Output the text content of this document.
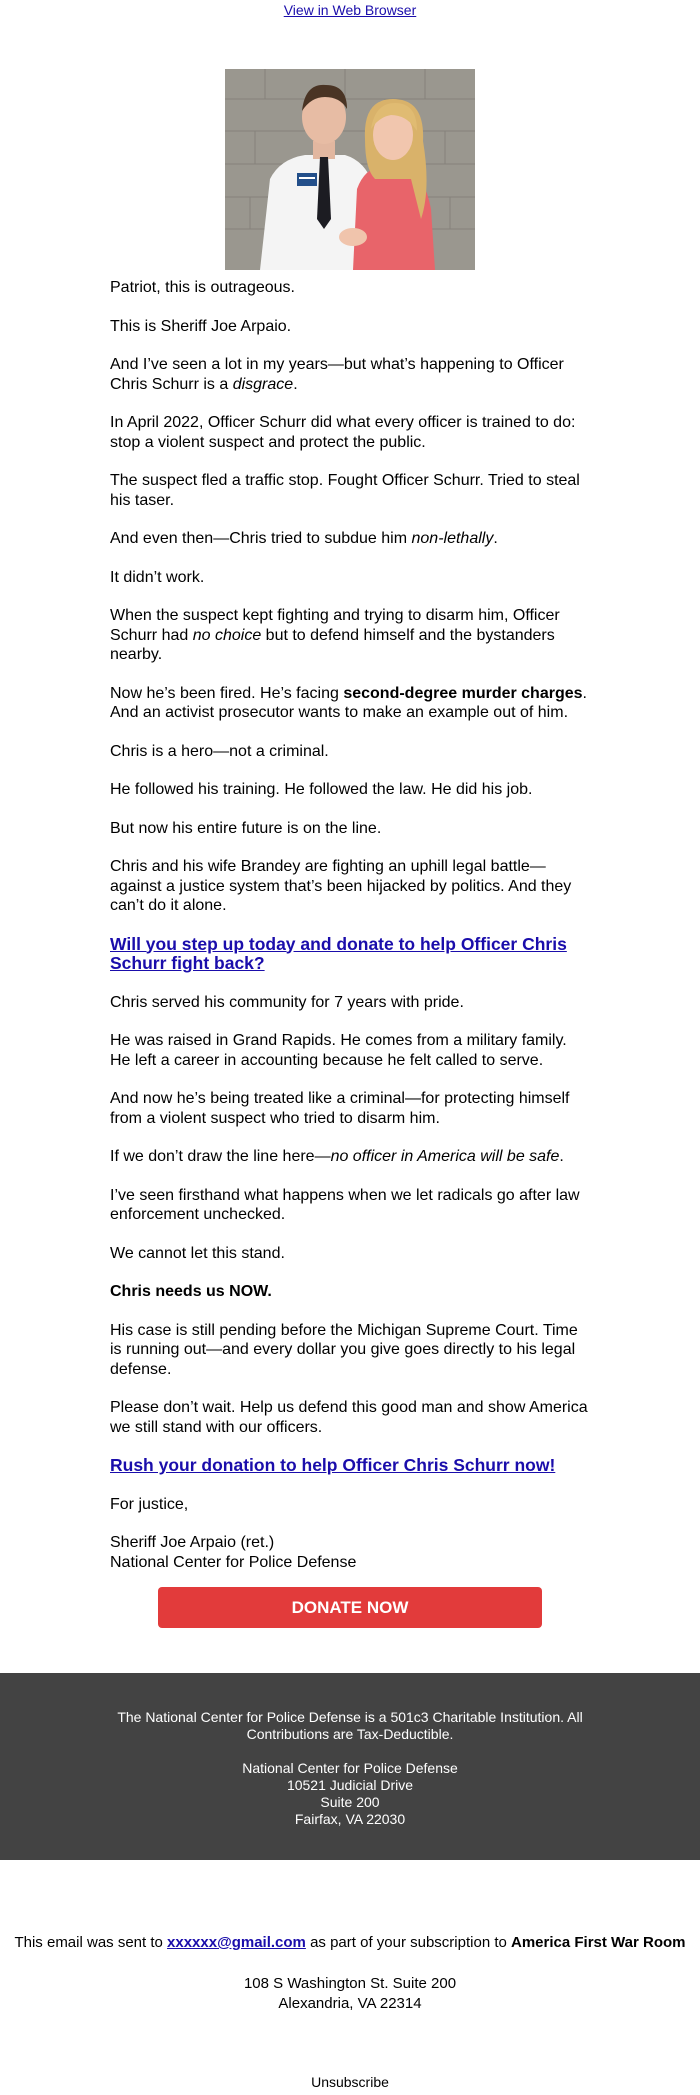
View in Web Browser

Patriot, this is outrageous.

This is Sheriff Joe Arpaio.

And I’ve seen a lot in my years—but what’s happening to Officer Chris Schurr is a disgrace.

In April 2022, Officer Schurr did what every officer is trained to do: stop a violent suspect and protect the public.

The suspect fled a traffic stop. Fought Officer Schurr. Tried to steal his taser.

And even then—Chris tried to subdue him non-lethally.

It didn’t work.

When the suspect kept fighting and trying to disarm him, Officer Schurr had no choice but to defend himself and the bystanders nearby.

Now he’s been fired. He’s facing second-degree murder charges. And an activist prosecutor wants to make an example out of him.

Chris is a hero—not a criminal.

He followed his training. He followed the law. He did his job.

But now his entire future is on the line.

Chris and his wife Brandey are fighting an uphill legal battle—against a justice system that’s been hijacked by politics. And they can’t do it alone.

Will you step up today and donate to help Officer Chris Schurr fight back?

Chris served his community for 7 years with pride.

He was raised in Grand Rapids. He comes from a military family. He left a career in accounting because he felt called to serve.

And now he’s being treated like a criminal—for protecting himself from a violent suspect who tried to disarm him.

If we don’t draw the line here—no officer in America will be safe.

I’ve seen firsthand what happens when we let radicals go after law enforcement unchecked.

We cannot let this stand.

Chris needs us NOW.

His case is still pending before the Michigan Supreme Court. Time is running out—and every dollar you give goes directly to his legal defense.

Please don’t wait. Help us defend this good man and show America we still stand with our officers.

Rush your donation to help Officer Chris Schurr now!

For justice,

Sheriff Joe Arpaio (ret.)
National Center for Police Defense

DONATE NOW
The National Center for Police Defense is a 501c3 Charitable Institution. All Contributions are Tax-Deductible.
National Center for Police Defense
10521 Judicial Drive
Suite 200
Fairfax, VA 22030
This email was sent to xxxxxx@gmail.com as part of your subscription to America First War Room
108 S Washington St. Suite 200
Alexandria, VA 22314
Unsubscribe
